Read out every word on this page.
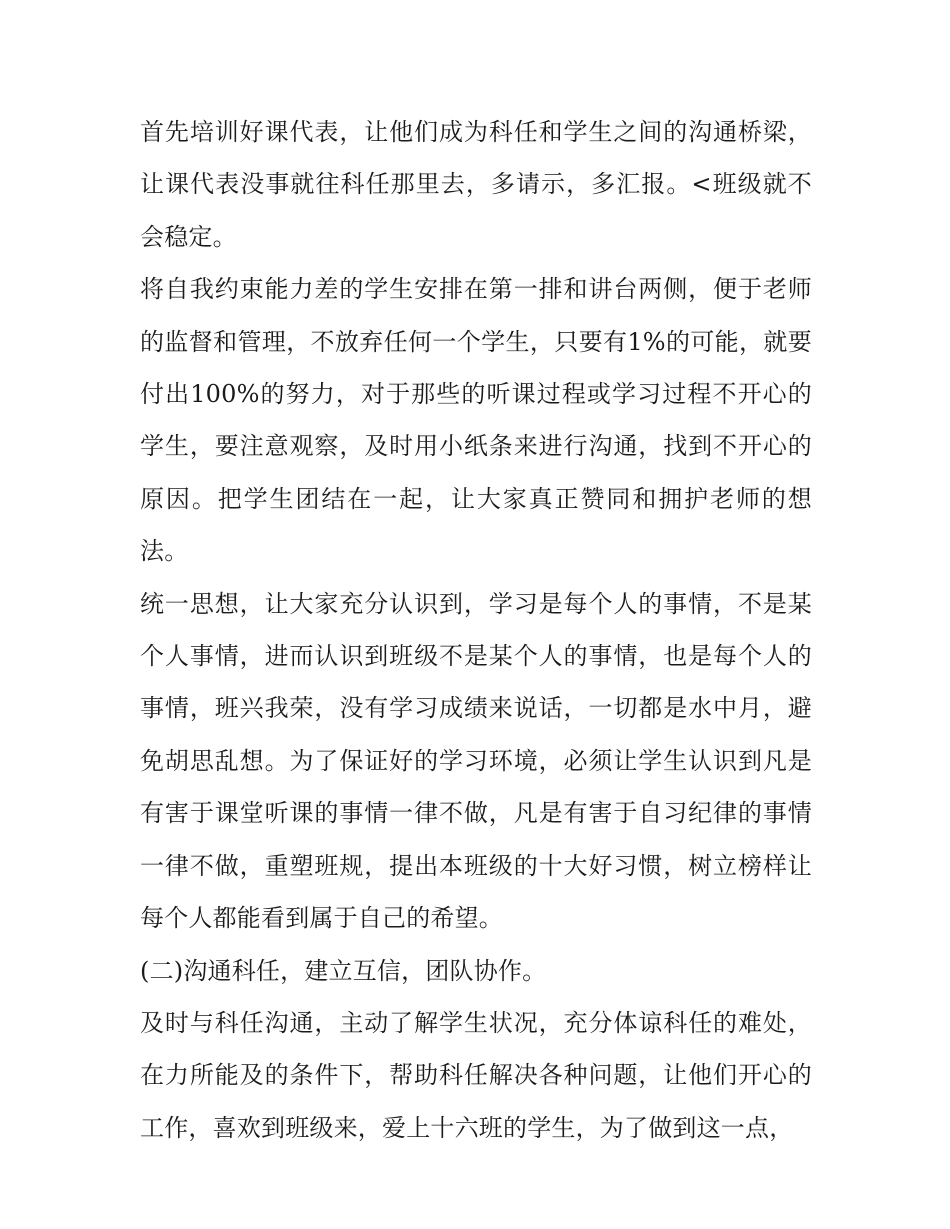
首先培训好课代表，让他们成为科任和学生之间的沟通桥梁，让课代表没事就往科任那里去，多请示，多汇报。<班级就不会稳定。

将自我约束能力差的学生安排在第一排和讲台两侧，便于老师的监督和管理，不放弃任何一个学生，只要有1%的可能，就要付出100%的努力，对于那些的听课过程或学习过程不开心的学生，要注意观察，及时用小纸条来进行沟通，找到不开心的原因。把学生团结在一起，让大家真正赞同和拥护老师的想法。

统一思想，让大家充分认识到，学习是每个人的事情，不是某个人事情，进而认识到班级不是某个人的事情，也是每个人的事情，班兴我荣，没有学习成绩来说话，一切都是水中月，避免胡思乱想。为了保证好的学习环境，必须让学生认识到凡是有害于课堂听课的事情一律不做，凡是有害于自习纪律的事情一律不做，重塑班规，提出本班级的十大好习惯，树立榜样让每个人都能看到属于自己的希望。

(二)沟通科任，建立互信，团队协作。

及时与科任沟通，主动了解学生状况，充分体谅科任的难处，在力所能及的条件下，帮助科任解决各种问题，让他们开心的工作，喜欢到班级来，爱上十六班的学生，为了做到这一点，
